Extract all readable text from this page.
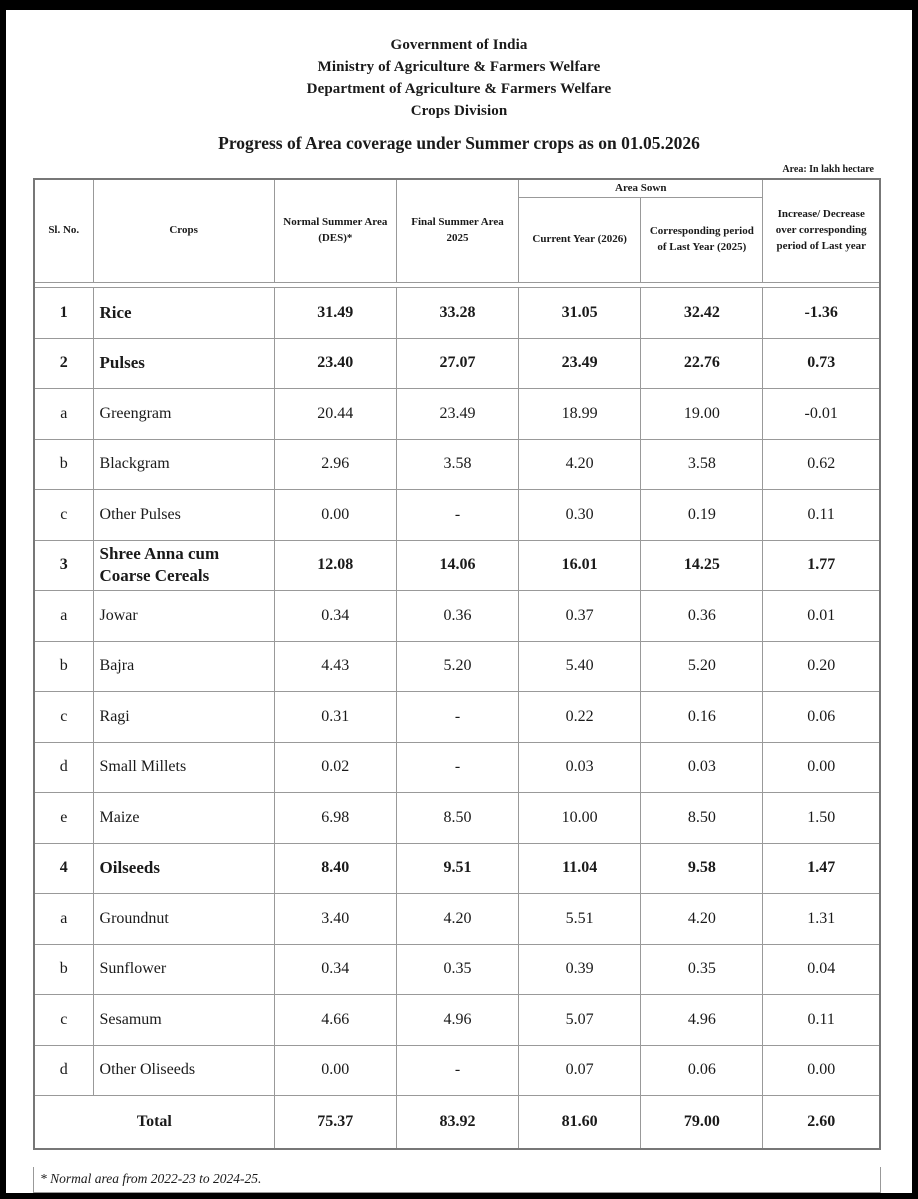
Government of India
Ministry of Agriculture & Farmers Welfare
Department of Agriculture & Farmers Welfare
Crops Division
Progress of Area coverage under Summer crops as on 01.05.2026
Area: In lakh hectare
Sl. No.	Crops	Normal Summer Area (DES)*	Final Summer Area 2025	Area Sown		Increase/ Decrease over corresponding period of Last year
				Current Year (2026)	Corresponding period of Last Year (2025)	

1	Rice	31.49	33.28	31.05	32.42	-1.36
2	Pulses	23.40	27.07	23.49	22.76	0.73
a	Greengram	20.44	23.49	18.99	19.00	-0.01
b	Blackgram	2.96	3.58	4.20	3.58	0.62
c	Other Pulses	0.00	-	0.30	0.19	0.11
3	Shree Anna cum Coarse Cereals	12.08	14.06	16.01	14.25	1.77
a	Jowar	0.34	0.36	0.37	0.36	0.01
b	Bajra	4.43	5.20	5.40	5.20	0.20
c	Ragi	0.31	-	0.22	0.16	0.06
d	Small Millets	0.02	-	0.03	0.03	0.00
e	Maize	6.98	8.50	10.00	8.50	1.50
4	Oilseeds	8.40	9.51	11.04	9.58	1.47
a	Groundnut	3.40	4.20	5.51	4.20	1.31
b	Sunflower	0.34	0.35	0.39	0.35	0.04
c	Sesamum	4.66	4.96	5.07	4.96	0.11
d	Other Oliseeds	0.00	-	0.07	0.06	0.00
Total		75.37	83.92	81.60	79.00	2.60
* Normal area from 2022-23 to 2024-25.
